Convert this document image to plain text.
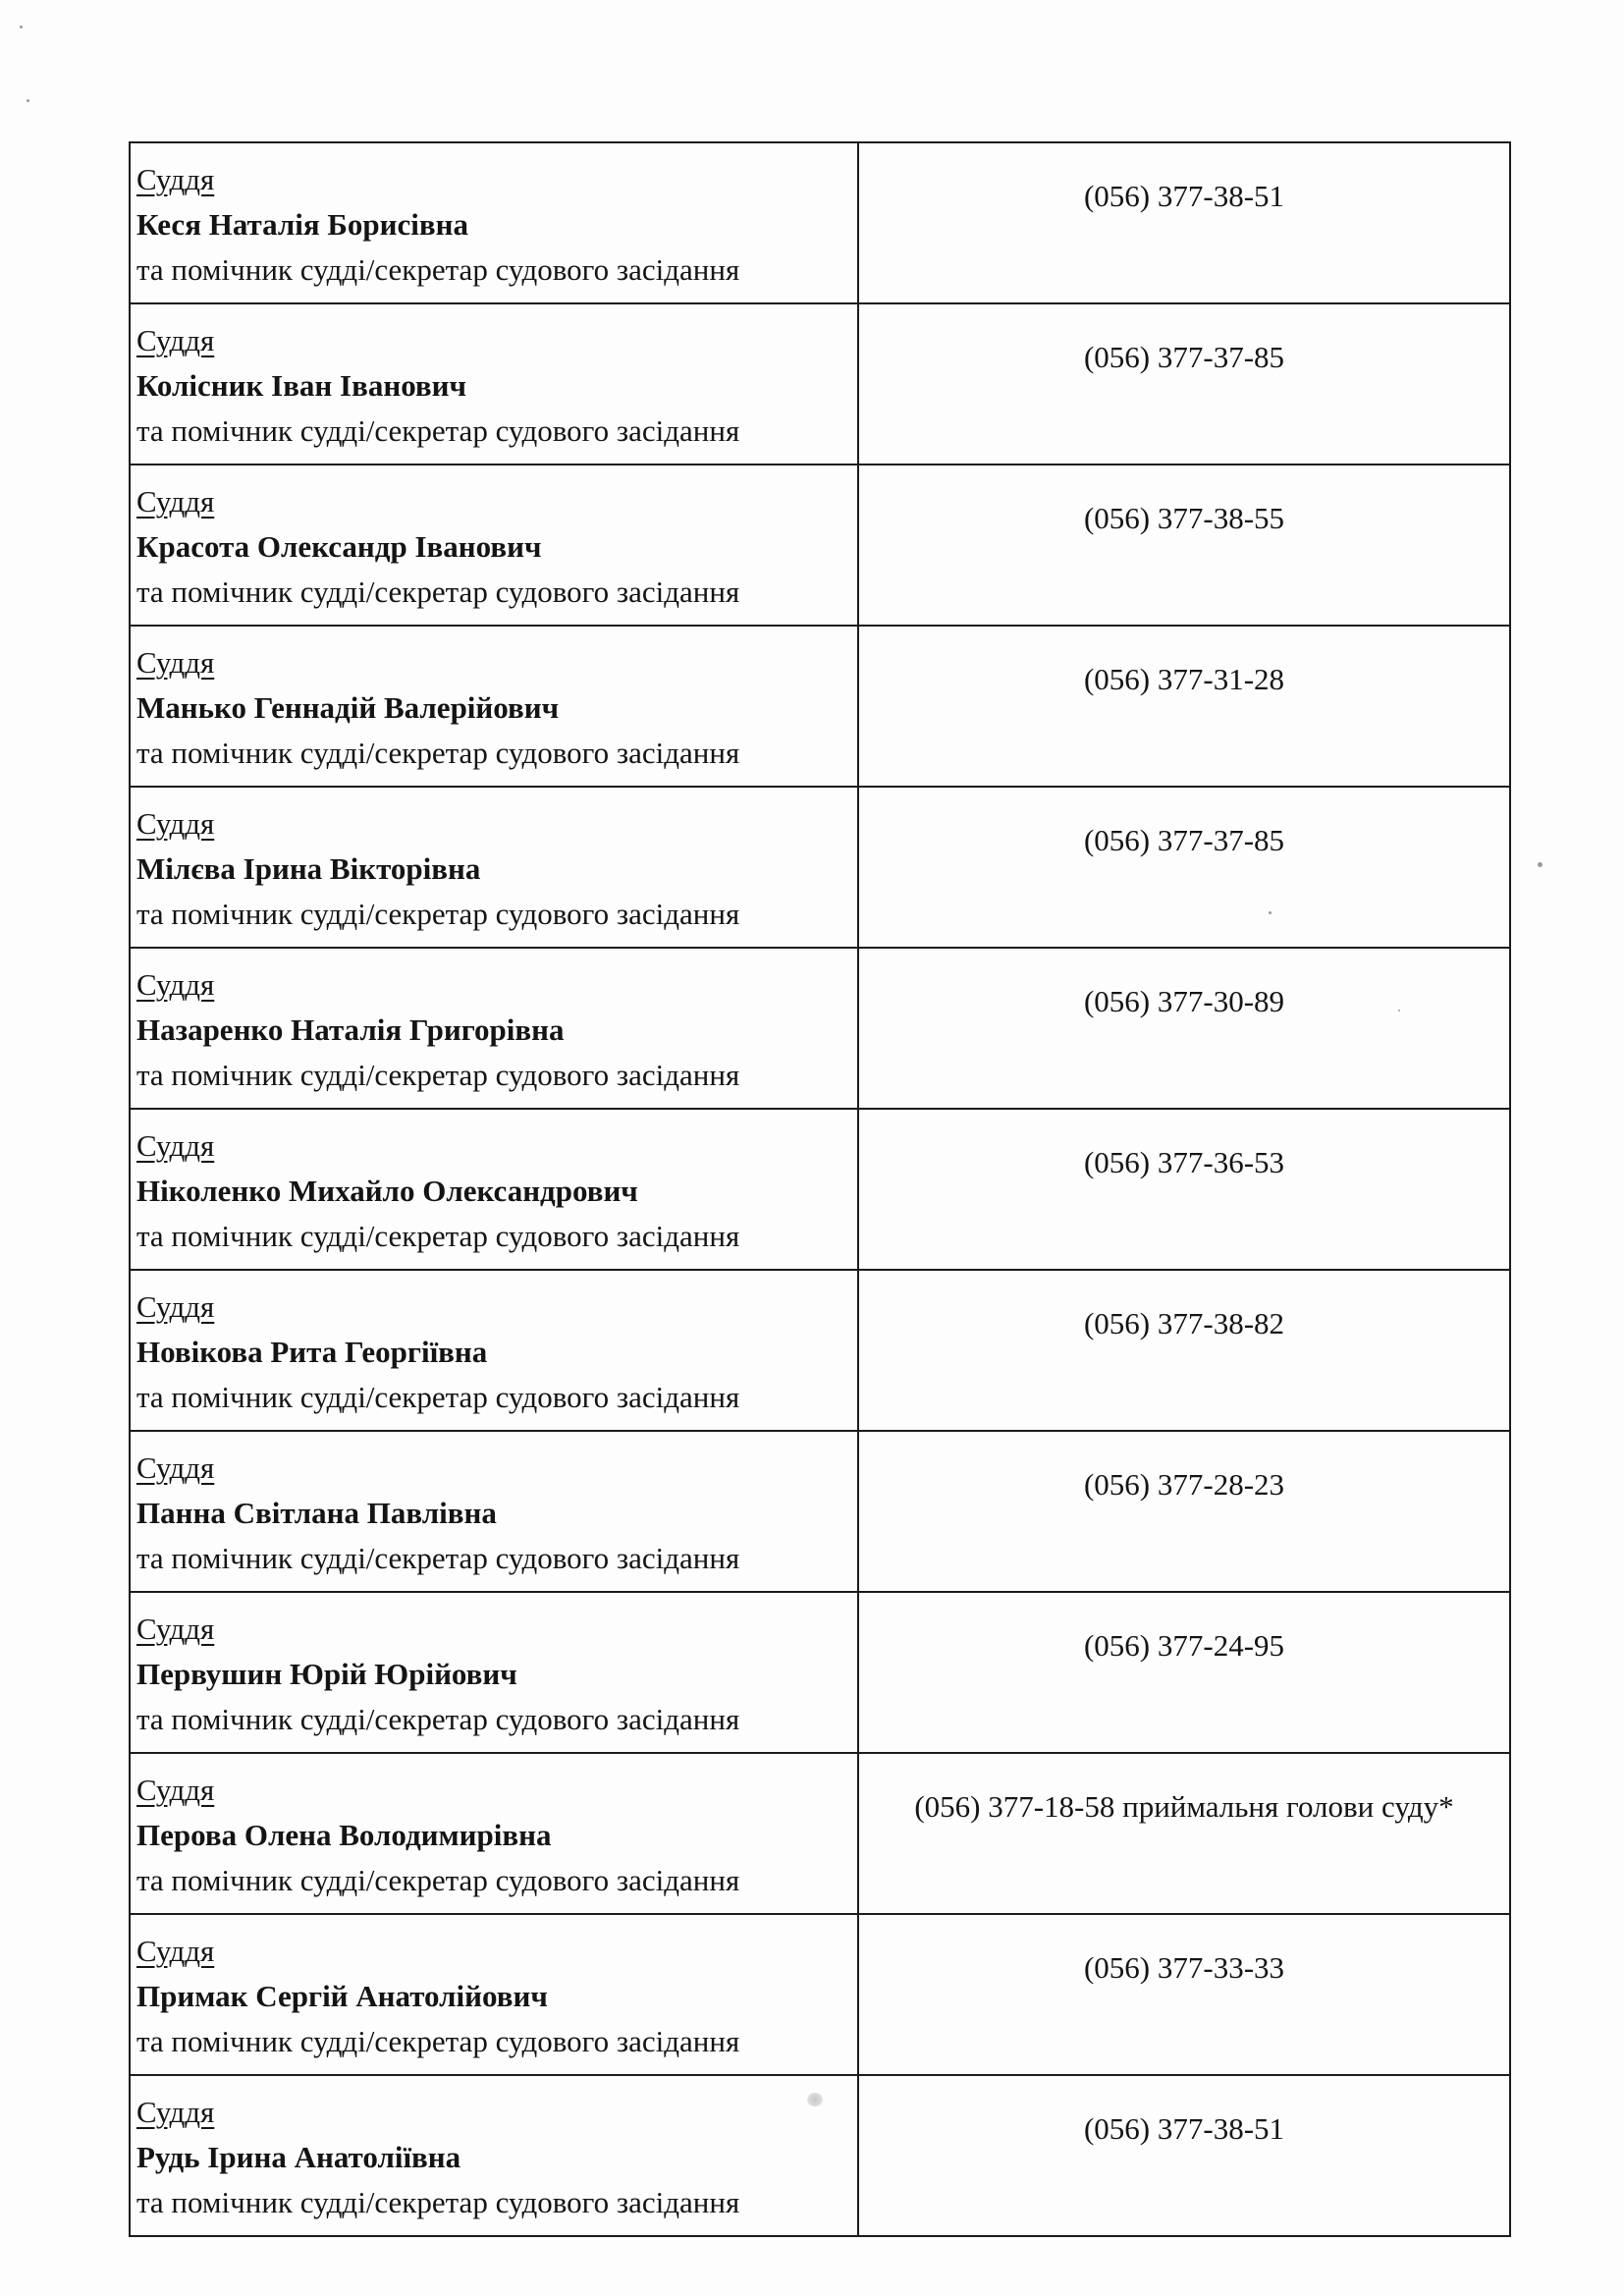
Суддя
Кеся Наталія Борисівна
та помічник судді/секретар судового засідання	(056) 377-38-51

Суддя
Колісник Іван Іванович
та помічник судді/секретар судового засідання	(056) 377-37-85

Суддя
Красота Олександр Іванович
та помічник судді/секретар судового засідання	(056) 377-38-55

Суддя
Манько Геннадій Валерійович
та помічник судді/секретар судового засідання	(056) 377-31-28

Суддя
Мілєва Ірина Вікторівна
та помічник судді/секретар судового засідання	(056) 377-37-85

Суддя
Назаренко Наталія Григорівна
та помічник судді/секретар судового засідання	(056) 377-30-89

Суддя
Ніколенко Михайло Олександрович
та помічник судді/секретар судового засідання	(056) 377-36-53

Суддя
Новікова Рита Георгіївна
та помічник судді/секретар судового засідання	(056) 377-38-82

Суддя
Панна Світлана Павлівна
та помічник судді/секретар судового засідання	(056) 377-28-23

Суддя
Первушин Юрій Юрійович
та помічник судді/секретар судового засідання	(056) 377-24-95

Суддя
Перова Олена Володимирівна
та помічник судді/секретар судового засідання	(056) 377-18-58 приймальня голови суду*

Суддя
Примак Сергій Анатолійович
та помічник судді/секретар судового засідання	(056) 377-33-33

Суддя
Рудь Ірина Анатоліївна
та помічник судді/секретар судового засідання	(056) 377-38-51
